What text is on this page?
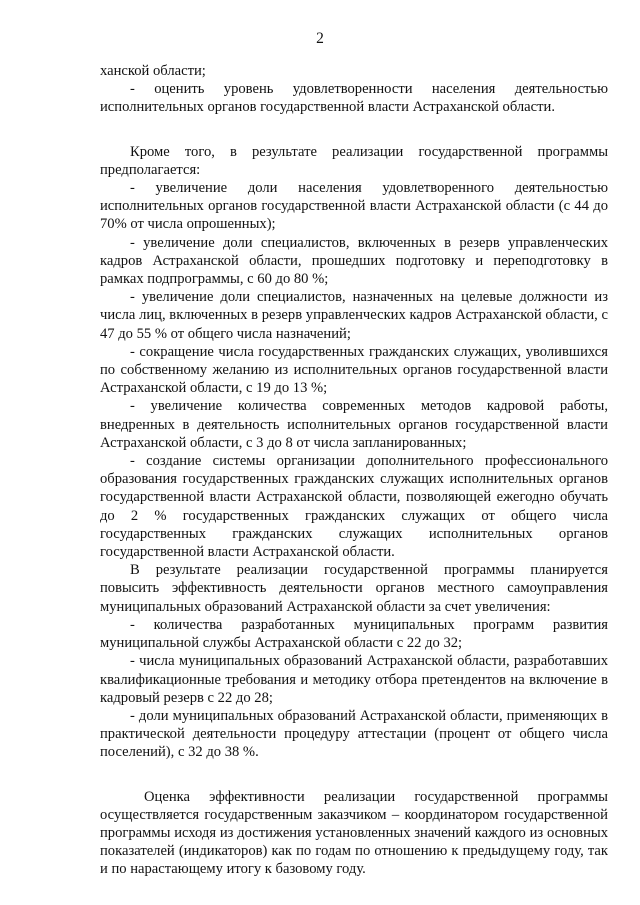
2

ханской области;

- оценить уровень удовлетворенности населения деятельностью исполнительных органов государственной власти Астраханской области.

Кроме того, в результате реализации государственной программы предполагается:

- увеличение доли населения удовлетворенного деятельностью исполнительных органов государственной власти Астраханской области (с 44 до 70% от числа опрошенных);

- увеличение доли специалистов, включенных в резерв управленческих кадров Астраханской области, прошедших подготовку и переподготовку в рамках подпрограммы, с 60 до 80 %;

- увеличение доли специалистов, назначенных на целевые должности из числа лиц, включенных в резерв управленческих кадров Астраханской области, с 47 до 55 % от общего числа назначений;

- сокращение числа государственных гражданских служащих, уволившихся по собственному желанию из исполнительных органов государственной власти Астраханской области, с 19 до 13 %;

- увеличение количества современных методов кадровой работы, внедренных в деятельность исполнительных органов государственной власти Астраханской области, с 3 до 8 от числа запланированных;

- создание системы организации дополнительного профессионального образования государственных гражданских служащих исполнительных органов государственной власти Астраханской области, позволяющей ежегодно обучать до 2 % государственных гражданских служащих от общего числа государственных гражданских служащих исполнительных органов государственной власти Астраханской области.

В результате реализации государственной программы планируется повысить эффективность деятельности органов местного самоуправления муниципальных образований Астраханской области за счет увеличения:

- количества разработанных муниципальных программ развития муниципальной службы Астраханской области с 22 до 32;

- числа муниципальных образований Астраханской области, разработавших квалификационные требования и методику отбора претендентов на включение в кадровый резерв с 22 до 28;

- доли муниципальных образований Астраханской области, применяющих в практической деятельности процедуру аттестации (процент от общего числа поселений), с 32 до 38 %.

Оценка эффективности реализации государственной программы осуществляется государственным заказчиком – координатором государственной программы исходя из достижения установленных значений каждого из основных показателей (индикаторов) как по годам по отношению к предыдущему году, так и по нарастающему итогу к базовому году.
